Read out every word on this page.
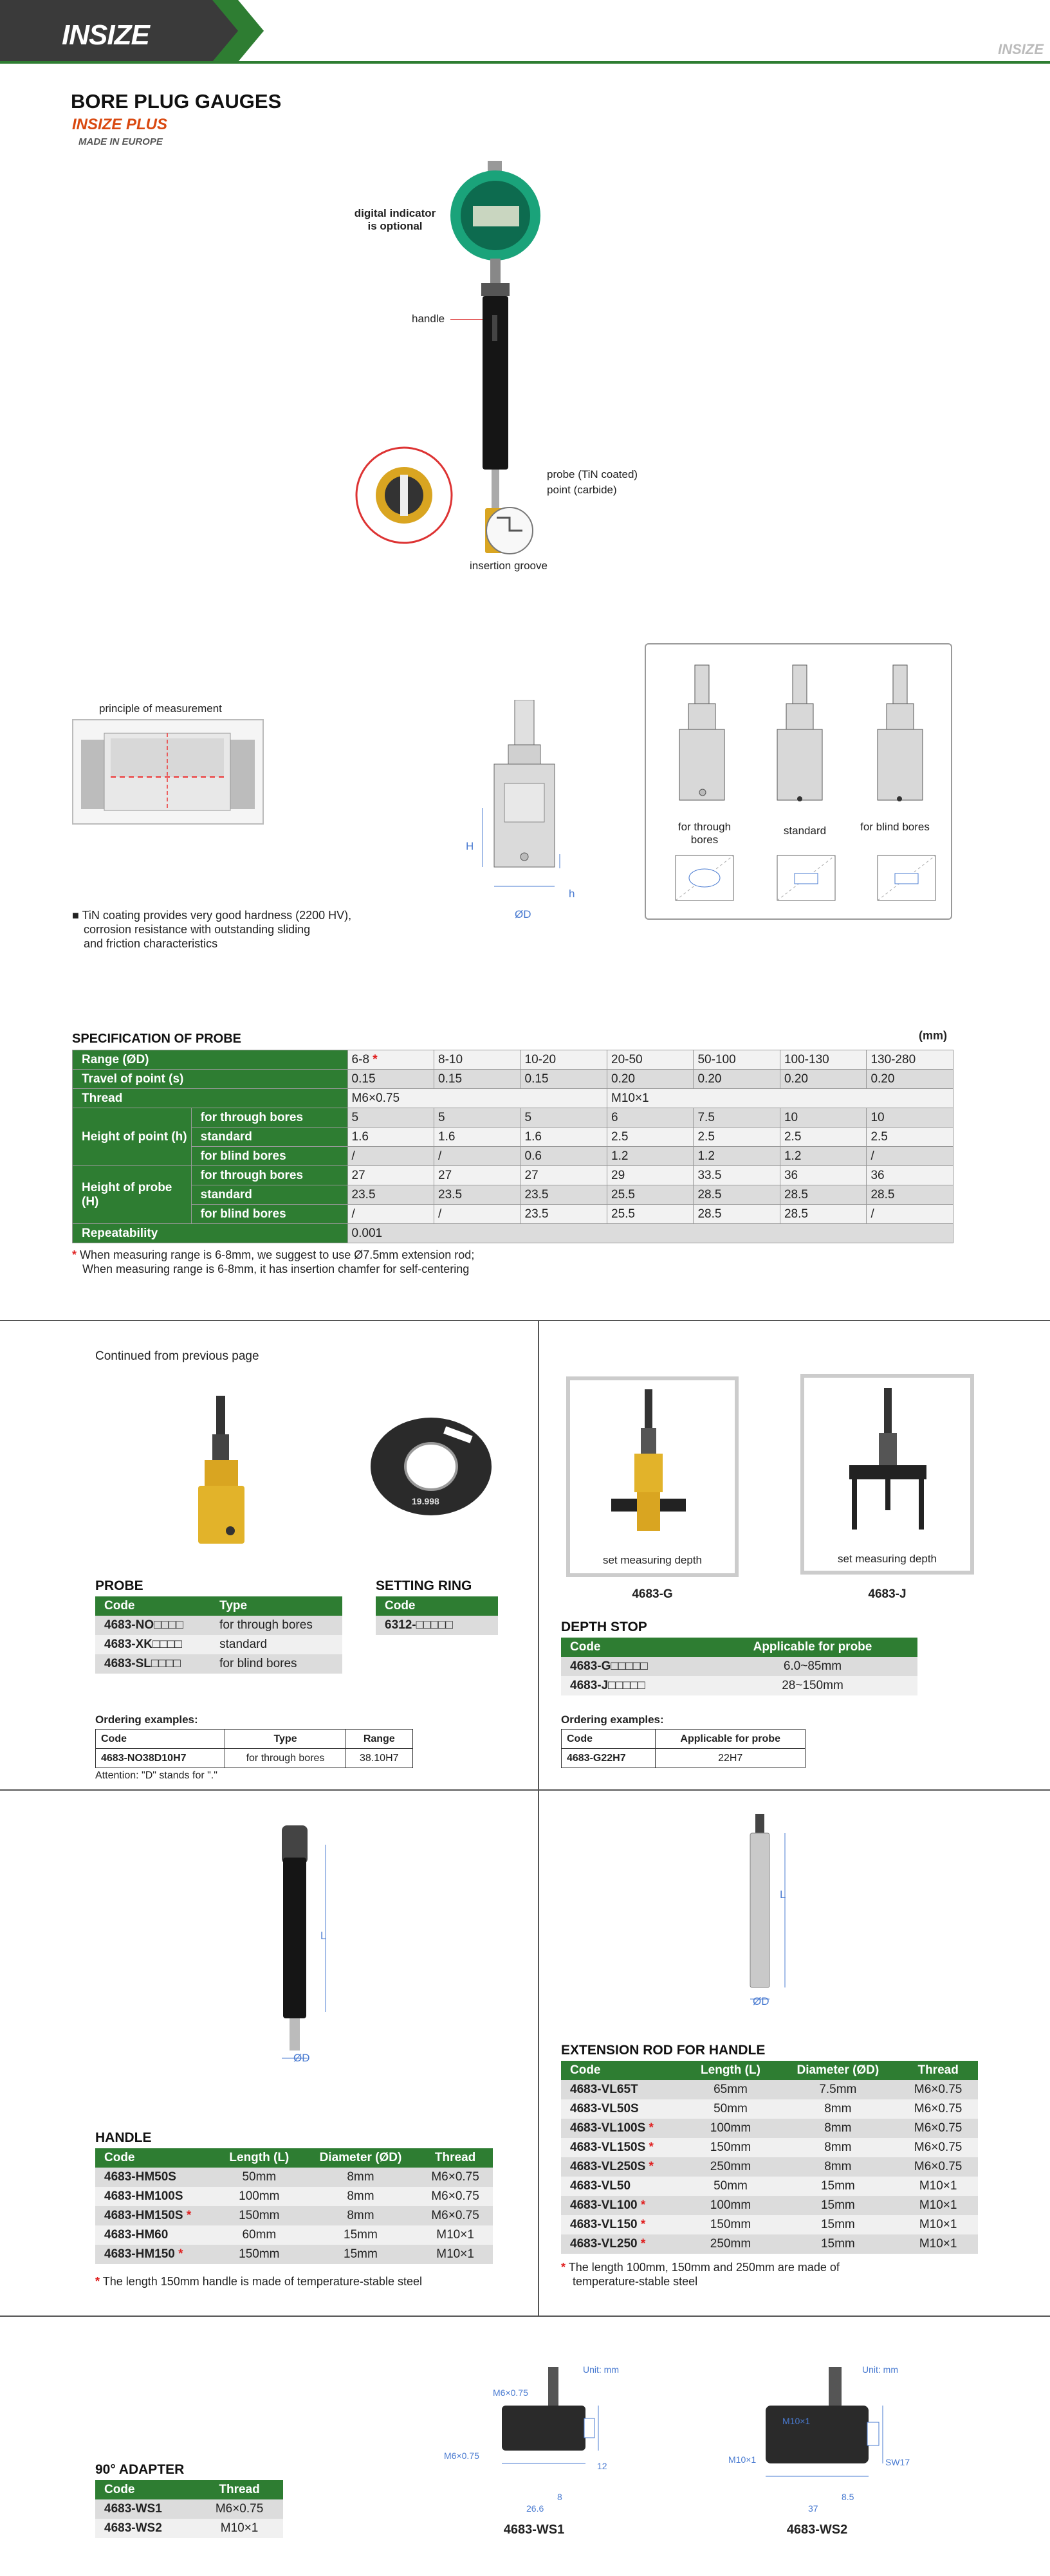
INSIZE	INSIZE
BORE PLUG GAUGES
INSIZE PLUS
MADE IN EUROPE
digital indicator
is optional
handle
probe (TiN coated)
point (carbide)
insertion groove
principle of measurement
■ TiN coating provides very good hardness (2200 HV),
corrosion resistance with outstanding sliding
and friction characteristics
H
h
ØD
for through bores
standard	for blind bores
SPECIFICATION OF PROBE	(mm)
Range (ØD)		6-8 *	8-10	10-20	20-50	50-100	100-130	130-280
Travel of point (s)		0.15	0.15	0.15	0.20	0.20	0.20	0.20
Thread		M6×0.75			M10×1			
Height of point (h)	for through bores	5	5	5	6	7.5	10	10
	standard	1.6	1.6	1.6	2.5	2.5	2.5	2.5
	for blind bores	/	/	0.6	1.2	1.2	1.2	/
Height of probe (H)	for through bores	27	27	27	29	33.5	36	36
	standard	23.5	23.5	23.5	25.5	28.5	28.5	28.5
	for blind bores	/	/	23.5	25.5	28.5	28.5	/
Repeatability		0.001						
* When measuring range is 6-8mm, we suggest to use Ø7.5mm extension rod;
When measuring range is 6-8mm, it has insertion chamfer for self-centering
Continued from previous page
19.998
PROBE
Code	Type
4683-NO□□□□	for through bores
4683-XK□□□□	standard
4683-SL□□□□	for blind bores
SETTING RING
Code
6312-□□□□□
Ordering examples:
Code	Type	Range
4683-NO38D10H7	for through bores	38.10H7
Attention: "D" stands for "."
set measuring depth	set measuring depth
4683-G	4683-J
DEPTH STOP
Code	Applicable for probe
4683-G□□□□□	6.0~85mm
4683-J□□□□□	28~150mm
Ordering examples:
Code	Applicable for probe
4683-G22H7	22H7
L
ØD
HANDLE
Code	Length (L)	Diameter (ØD)	Thread
4683-HM50S	50mm	8mm	M6×0.75
4683-HM100S	100mm	8mm	M6×0.75
4683-HM150S *	150mm	8mm	M6×0.75
4683-HM60	60mm	15mm	M10×1
4683-HM150 *	150mm	15mm	M10×1
* The length 150mm handle is made of temperature-stable steel
L
ØD
EXTENSION ROD FOR HANDLE
Code	Length (L)	Diameter (ØD)	Thread
4683-VL65T	65mm	7.5mm	M6×0.75
4683-VL50S	50mm	8mm	M6×0.75
4683-VL100S *	100mm	8mm	M6×0.75
4683-VL150S *	150mm	8mm	M6×0.75
4683-VL250S *	250mm	8mm	M6×0.75
4683-VL50	50mm	15mm	M10×1
4683-VL100 *	100mm	15mm	M10×1
4683-VL150 *	150mm	15mm	M10×1
4683-VL250 *	250mm	15mm	M10×1
* The length 100mm, 150mm and 250mm are made of
temperature-stable steel
90° ADAPTER
Code	Thread
4683-WS1	M6×0.75
4683-WS2	M10×1
Unit: mm
M6×0.75
M6×0.75
12
8
26.6
4683-WS1
Unit: mm
M10×1
M10×1	SW17
8.5
37
4683-WS2
